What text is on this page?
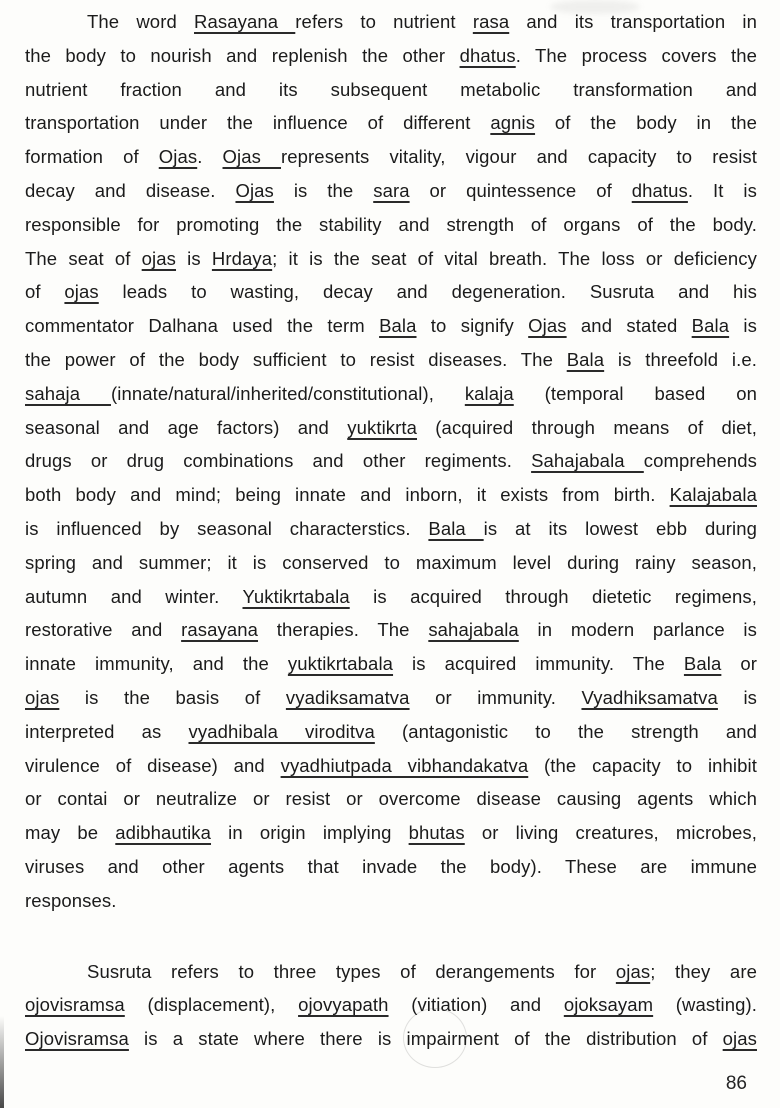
The word Rasayana refers to nutrient rasa and its transportation in
the body to nourish and replenish the other dhatus. The process covers the
nutrient fraction and its subsequent metabolic transformation and
transportation under the influence of different agnis of the body in the
formation of Ojas. Ojas represents vitality, vigour and capacity to resist
decay and disease. Ojas is the sara or quintessence of dhatus. It is
responsible for promoting the stability and strength of organs of the body.
The seat of ojas is Hrdaya; it is the seat of vital breath. The loss or deficiency
of ojas leads to wasting, decay and degeneration. Susruta and his
commentator Dalhana used the term Bala to signify Ojas and stated Bala is
the power of the body sufficient to resist diseases. The Bala is threefold i.e.
sahaja (innate/natural/inherited/constitutional), kalaja (temporal based on
seasonal and age factors) and yuktikrta (acquired through means of diet,
drugs or drug combinations and other regiments. Sahajabala comprehends
both body and mind; being innate and inborn, it exists from birth. Kalajabala
is influenced by seasonal characterstics. Bala is at its lowest ebb during
spring and summer; it is conserved to maximum level during rainy season,
autumn and winter. Yuktikrtabala is acquired through dietetic regimens,
restorative and rasayana therapies. The sahajabala in modern parlance is
innate immunity, and the yuktikrtabala is acquired immunity. The Bala or
ojas is the basis of vyadiksamatva or immunity. Vyadhiksamatva is
interpreted as vyadhibala viroditva (antagonistic to the strength and
virulence of disease) and vyadhiutpada vibhandakatva (the capacity to inhibit
or contai or neutralize or resist or overcome disease causing agents which
may be adibhautika in origin implying bhutas or living creatures, microbes,
viruses and other agents that invade the body). These are immune
responses.
Susruta refers to three types of derangements for ojas; they are
ojovisramsa (displacement), ojovyapath (vitiation) and ojoksayam (wasting).
Ojovisramsa is a state where there is impairment of the distribution of ojas
86
